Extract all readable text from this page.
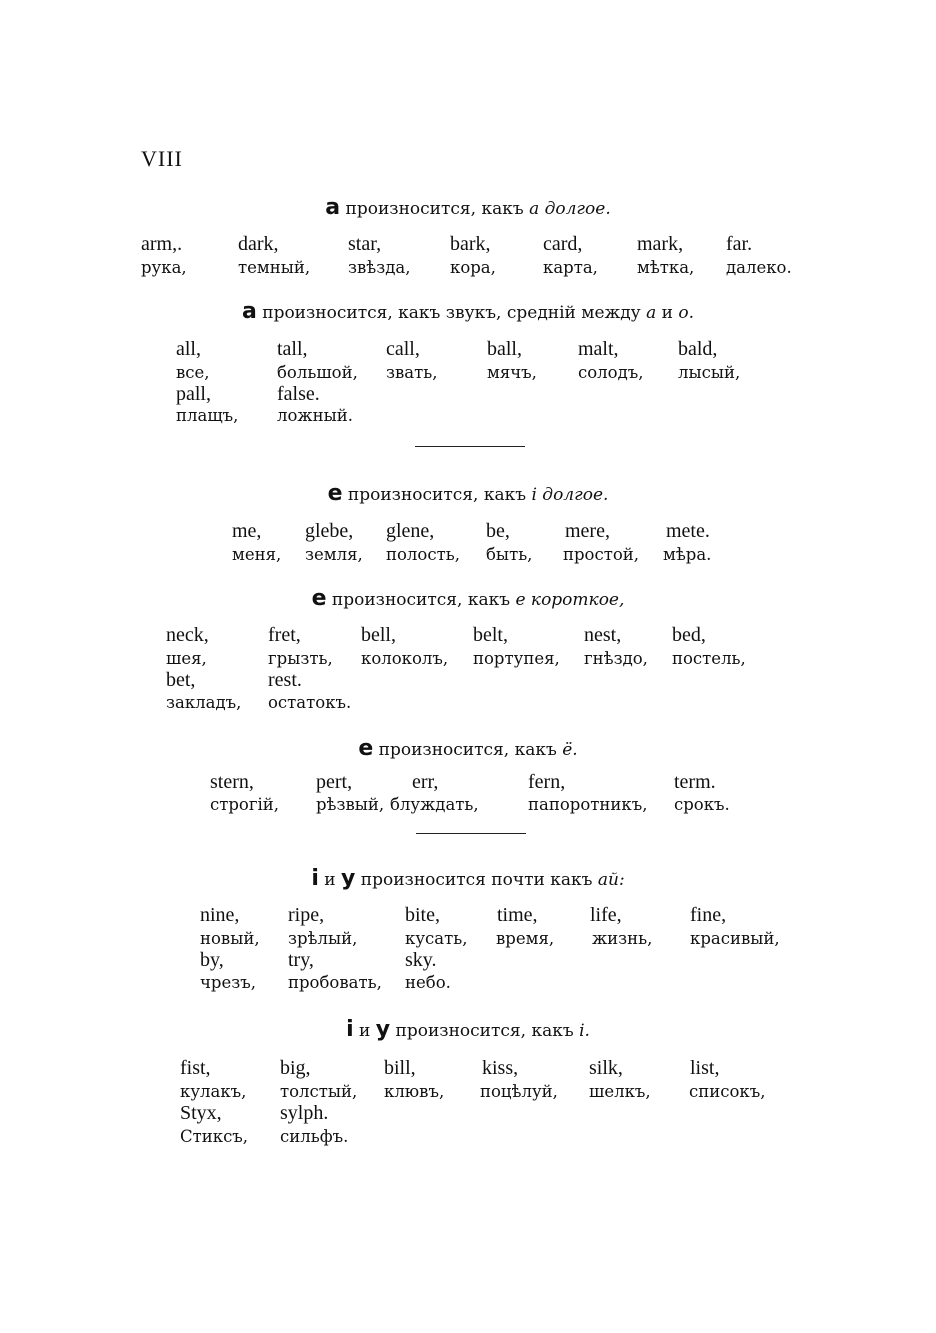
VIII
a произносится, какъ а долгое.
arm,.	dark,	star,	bark,	card,	mark, far.
рука,	темный, звѣзда, кора,	карта, мѣтка, далеко.
a произносится, какъ звукъ, средній между а и о.
all,	tall,	call,	ball,	malt,	bald,
все,	большой, звать,	мячъ, солодъ, лысый,
pall,	false.
плащъ, ложный.
e произносится, какъ і долгое.
me, glebe, glene,	be,	mere,	mete.
меня, земля, полость, быть, простой, мѣра.
e произносится, какъ е короткое,
neck,	fret,	bell,	belt,	nest,	bed,
шея,	грызть, колоколъ, портупея, гнѣздо, постель,
bet,	rest.
закладъ, остатокъ.
e произносится, какъ ё.
stern,	pert,	err,	fern,	term.
строгій, рѣзвый, блуждать,	папоротникъ, срокъ.
i и y произносится почти какъ ай:
nine, ripe,	bite,	time,	life,	fine,
новый, зрѣлый,	кусать, время, жизнь, красивый,
by,	try,	sky.
чрезъ, пробовать, небо.
i и y произносится, какъ і.
fist,	big,	bill,	kiss,	silk,	list,
кулакъ, толстый, клювъ, поцѣлуй, шелкъ, списокъ,
Styx,	sylph.
Стиксъ, сильфъ.
